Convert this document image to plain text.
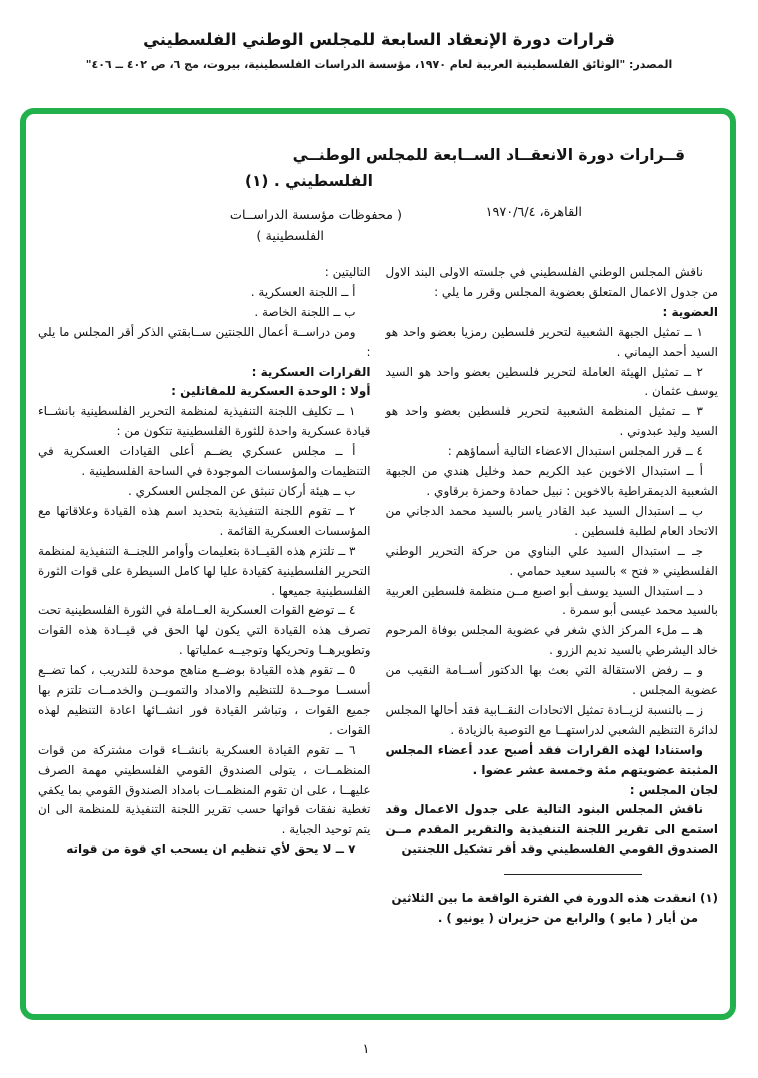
قرارات دورة الإنعقاد السابعة للمجلس الوطني الفلسطيني
المصدر: "الوثائق الفلسطينية العربية لعام ١٩٧٠، مؤسسة الدراسات الفلسطينية، بيروت، مج ٦، ص ٤٠٢ ــ ٤٠٦"
قــرارات دورة الانعقــاد الســابعة للمجلس الوطنــي
الفلسطيني . (١)
القاهرة، ١٩٧٠/٦/٤
( محفوظات مؤسسة الدراســات
الفلسطينية )

ناقش المجلس الوطني الفلسطيني في جلسته الاولى البند الاول من جدول الاعمال المتعلق بعضوية المجلس وقرر ما يلي :

العضوية :

١ ــ تمثيل الجبهة الشعبية لتحرير فلسطين رمزيا بعضو واحد هو السيد أحمد اليماني .

٢ ــ تمثيل الهيئة العاملة لتحرير فلسطين بعضو واحد هو السيد يوسف عثمان .

٣ ــ تمثيل المنظمة الشعبية لتحرير فلسطين بعضو واحد هو السيد وليد عبدوني .

٤ ــ قرر المجلس استبدال الاعضاء التالية أسماؤهم :

أ ــ استبدال الاخوين عبد الكريم حمد وخليل هندي من الجبهة الشعبية الديمقراطية بالاخوين : نبيل حمادة وحمزة برقاوي .

ب ــ استبدال السيد عبد القادر ياسر بالسيد محمد الدجاني من الاتحاد العام لطلبة فلسطين .

جـ ــ استبدال السيد علي البناوي من حركة التحرير الوطني الفلسطيني « فتح » بالسيد سعيد حمامي .

د ــ استبدال السيد يوسف أبو اصبع مــن منظمة فلسطين العربية بالسيد محمد عيسى أبو سمرة .

هـ ــ ملء المركز الذي شغر في عضوية المجلس بوفاة المرحوم خالد اليشرطي بالسيد نديم الزرو .

و ــ رفض الاستقالة التي بعث بها الدكتور أســامة النقيب من عضوية المجلس .

ز ــ بالنسبة لزيــادة تمثيل الاتحادات النقــابية فقد أحالها المجلس لدائرة التنظيم الشعبي لدراستهــا مع التوصية بالزيادة .

واستنادا لهذه القرارات فقد أصبح عدد أعضاء المجلس المثبتة عضويتهم مئة وخمسة عشر عضوا .

لجان المجلس :

ناقش المجلس البنود التالية على جدول الاعمال وقد استمع الى تقرير اللجنة التنفيذية والتقرير المقدم مــن الصندوق القومي الفلسطيني وقد أقر تشكيل اللجنتين

(١) انعقدت هذه الدورة في الفترة الواقعة ما بين الثلاثين
من أيار ( مايو ) والرابع من حزيران ( يونيو ) .

التاليتين :

أ ــ اللجنة العسكرية .

ب ــ اللجنة الخاصة .

ومن دراســة أعمال اللجنتين ســابقتي الذكر أقر المجلس ما يلي :

القرارات العسكرية :

أولا : الوحدة العسكرية للمقاتلين :

١ ــ تكليف اللجنة التنفيذية لمنظمة التحرير الفلسطينية بانشــاء قيادة عسكرية واحدة للثورة الفلسطينية تتكون من :

أ ــ مجلس عسكري يضــم أعلى القيادات العسكرية في التنظيمات والمؤسسات الموجودة في الساحة الفلسطينية .

ب ــ هيئة أركان تنبثق عن المجلس العسكري .

٢ ــ تقوم اللجنة التنفيذية بتحديد اسم هذه القيادة وعلاقاتها مع المؤسسات العسكرية القائمة .

٣ ــ تلتزم هذه القيــادة بتعليمات وأوامر اللجنــة التنفيذية لمنظمة التحرير الفلسطينية كقيادة عليا لها كامل السيطرة على قوات الثورة الفلسطينية جميعها .

٤ ــ توضع القوات العسكرية العــاملة في الثورة الفلسطينية تحت تصرف هذه القيادة التي يكون لها الحق في قيــادة هذه القوات وتطويرهــا وتحريكها وتوجيــه عملياتها .

٥ ــ تقوم هذه القيادة بوضــع مناهج موحدة للتدريب ، كما تضــع أسســا موحــدة للتنظيم والامداد والتمويــن والخدمــات تلتزم بها جميع القوات ، وتباشر القيادة فور انشــائها اعادة التنظيم لهذه القوات .

٦ ــ تقوم القيادة العسكرية بانشــاء قوات مشتركة من قوات المنظمــات ، يتولى الصندوق القومي الفلسطيني مهمة الصرف عليهــا ، على ان تقوم المنظمــات بامداد الصندوق القومي بما يكفي تغطية نفقات قواتها حسب تقرير اللجنة التنفيذية للمنظمة الى ان يتم توحيد الجباية .

٧ ــ لا يحق لأي تنظيم ان يسحب اي قوة من قواته

١
